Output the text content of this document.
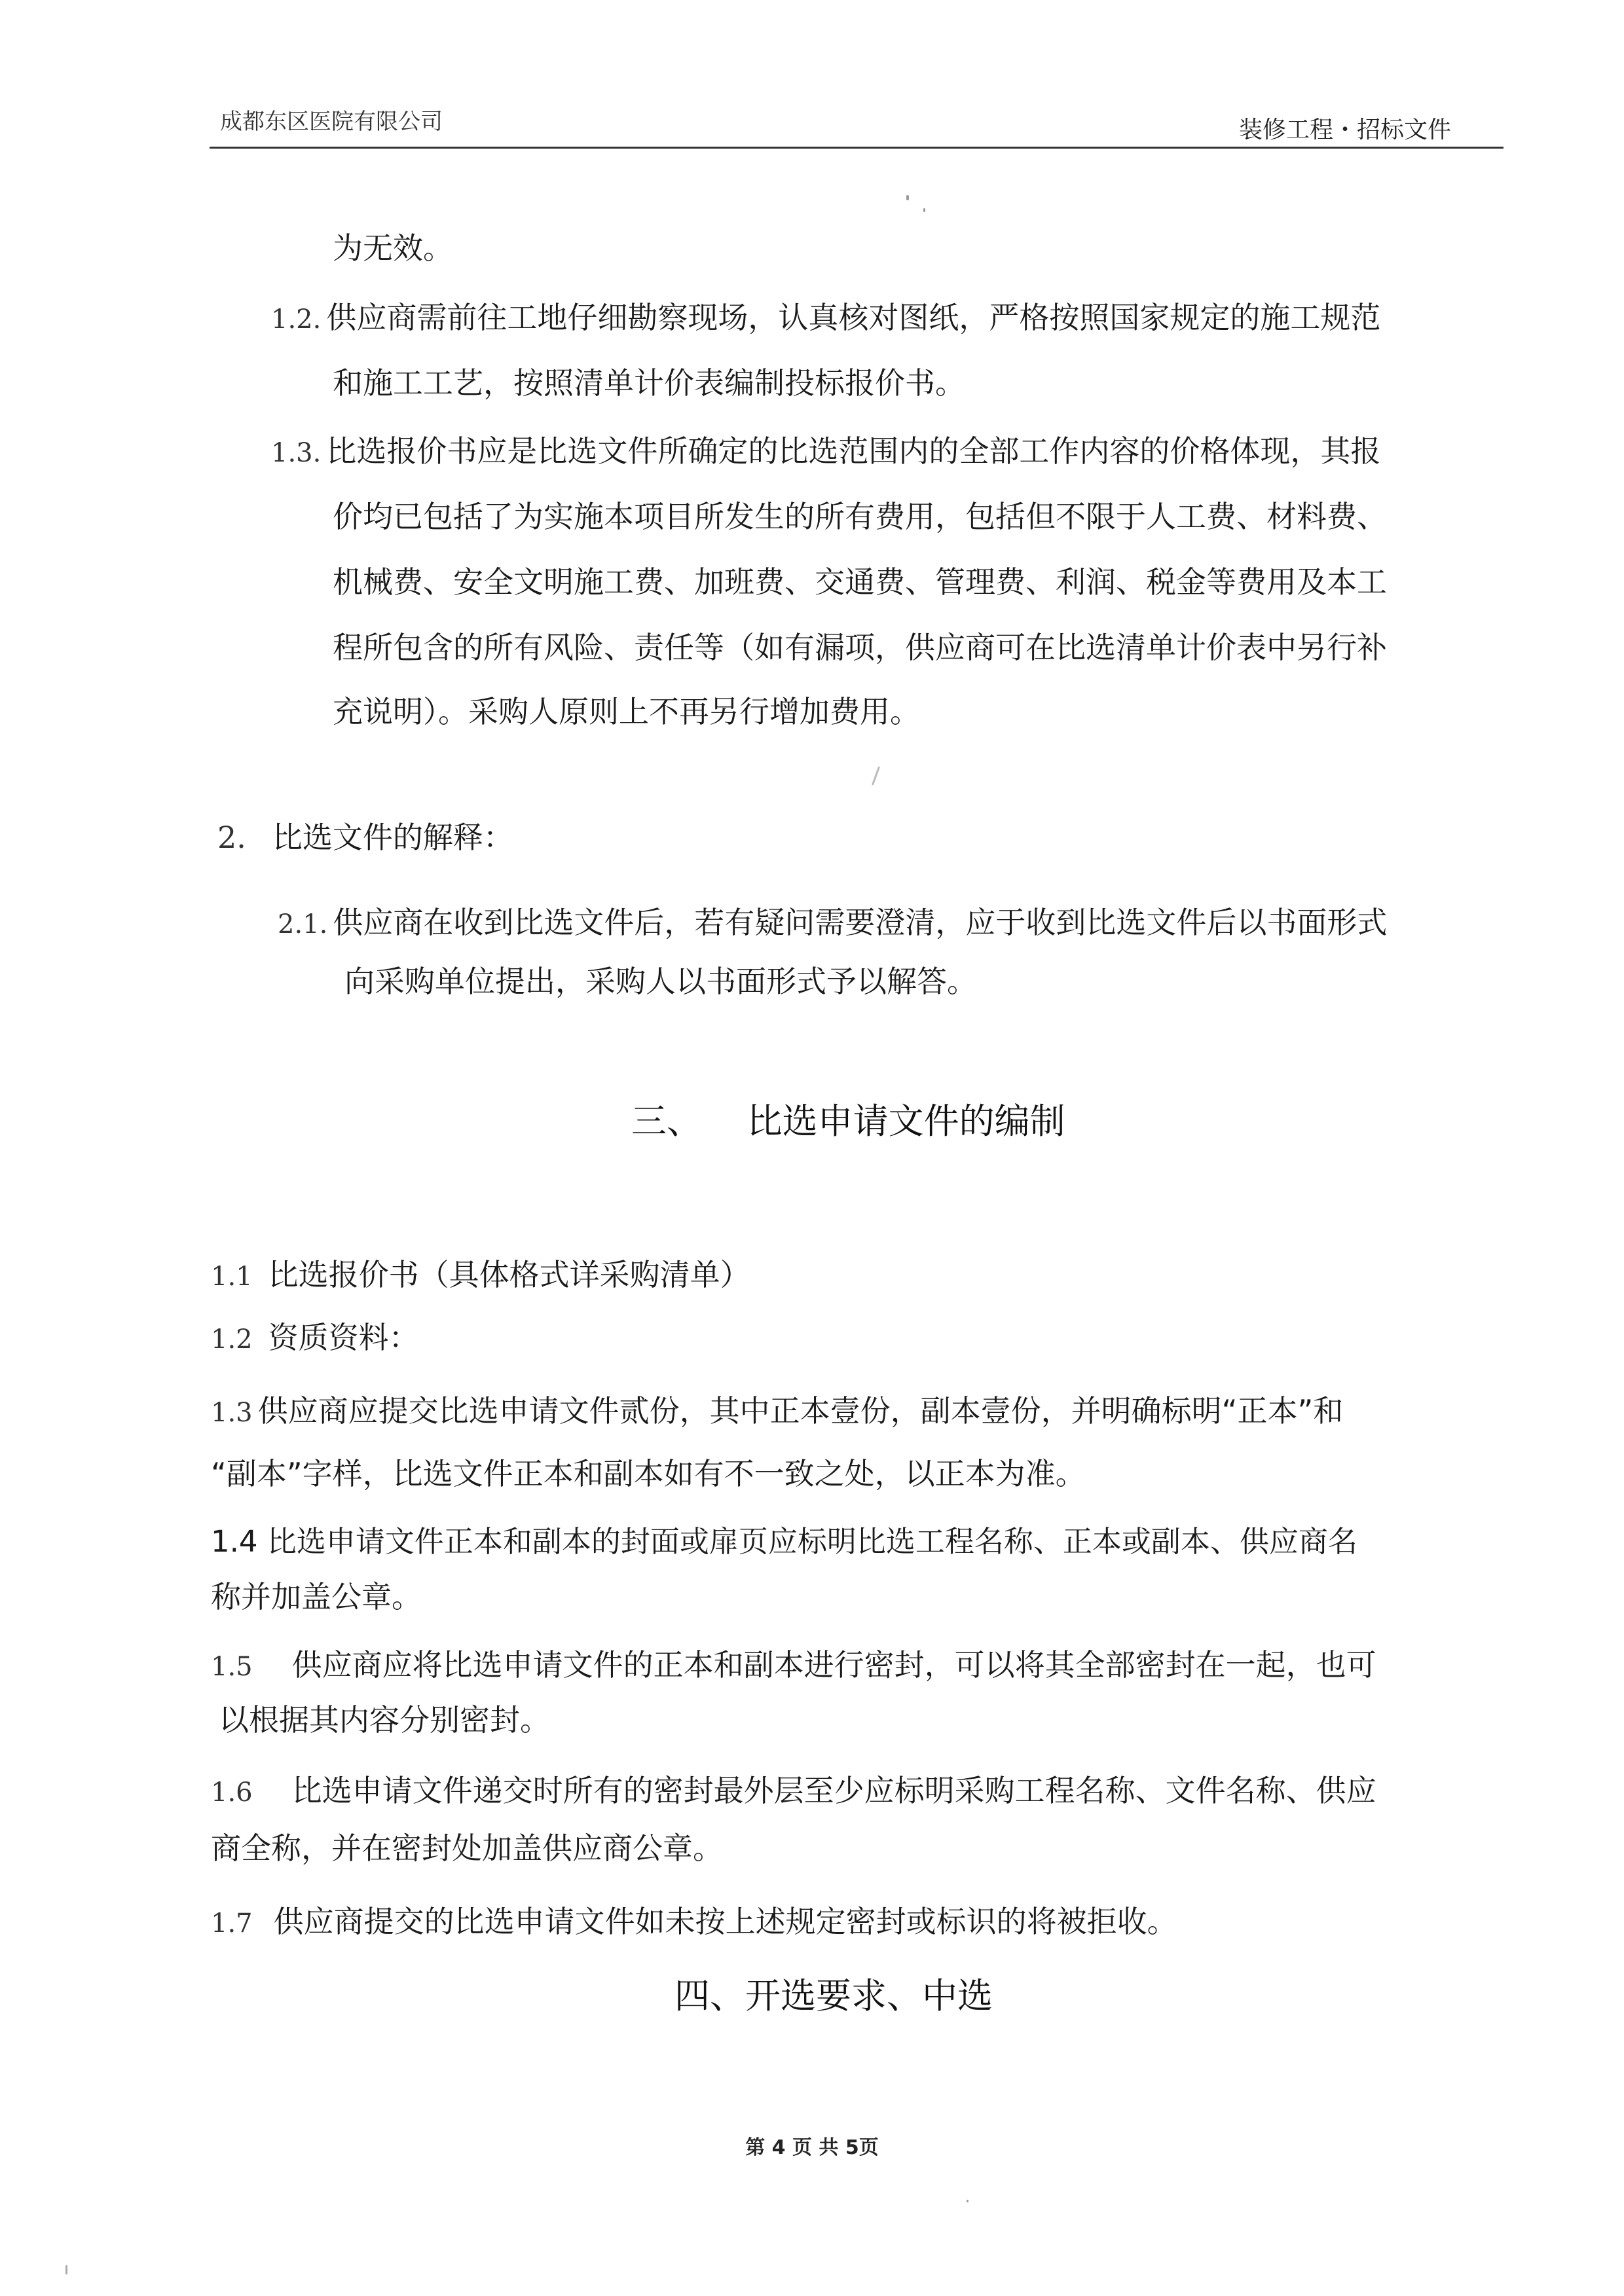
成都东区医院有限公司	装修工程・招标文件
为无效。
1.2. 供应商需前往工地仔细勘察现场，认真核对图纸，严格按照国家规定的施工规范
和施工工艺，按照清单计价表编制投标报价书。
1.3. 比选报价书应是比选文件所确定的比选范围内的全部工作内容的价格体现，其报
价均已包括了为实施本项目所发生的所有费用，包括但不限于人工费、材料费、
机械费、安全文明施工费、加班费、交通费、管理费、利润、税金等费用及本工
程所包含的所有风险、责任等（如有漏项，供应商可在比选清单计价表中另行补
充说明）。采购人原则上不再另行增加费用。
2. 比选文件的解释：
2.1. 供应商在收到比选文件后，若有疑问需要澄清，应于收到比选文件后以书面形式
向采购单位提出，采购人以书面形式予以解答。
三、    比选申请文件的编制
1.1 比选报价书（具体格式详采购清单）
1.2 资质资料：
1.3 供应商应提交比选申请文件贰份，其中正本壹份，副本壹份，并明确标明“正本”和
“副本”字样，比选文件正本和副本如有不一致之处，以正本为准。
1.4 比选申请文件正本和副本的封面或扉页应标明比选工程名称、正本或副本、供应商名
称并加盖公章。
1.5 供应商应将比选申请文件的正本和副本进行密封，可以将其全部密封在一起，也可
以根据其内容分别密封。
1.6 比选申请文件递交时所有的密封最外层至少应标明采购工程名称、文件名称、供应
商全称，并在密封处加盖供应商公章。
1.7 供应商提交的比选申请文件如未按上述规定密封或标识的将被拒收。
四、开选要求、中选
第 4 页 共 5页
